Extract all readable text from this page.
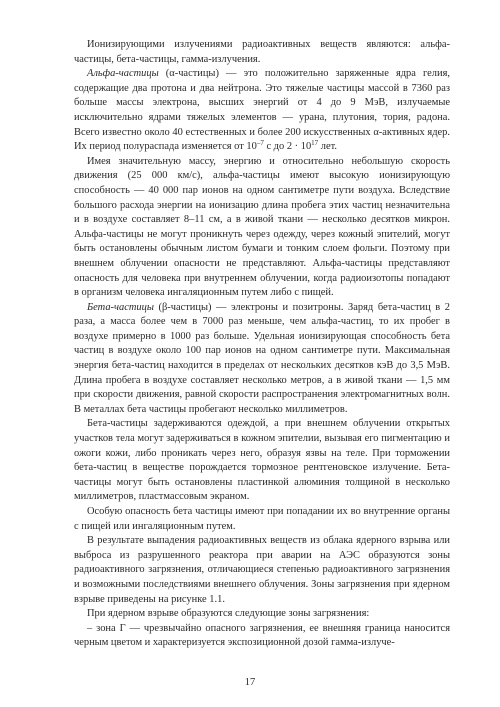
Ионизирующими излучениями радиоактивных веществ являются: альфа-частицы, бета-частицы, гамма-излучения.

Альфа-частицы (α-частицы) — это положительно заряженные ядра гелия, содержащие два протона и два нейтрона. Это тяжелые частицы массой в 7360 раз больше массы электрона, высших энергий от 4 до 9 МэВ, излучаемые исключительно ядрами тяжелых элементов — урана, плутония, тория, радона. Всего известно около 40 естественных и более 200 искусственных α-активных ядер. Их период полураспада изменяется от $10^{-7}$ с до $2 \cdot 10^{17}$ лет.

Имея значительную массу, энергию и относительно небольшую скорость движения (25 000 км/с), альфа-частицы имеют высокую ионизирующую способность — 40 000 пар ионов на одном сантиметре пути воздуха. Вследствие большого расхода энергии на ионизацию длина пробега этих частиц незначительна и в воздухе составляет 8–11 см, а в живой ткани — несколько десятков микрон. Альфа-частицы не могут проникнуть через одежду, через кожный эпителий, могут быть остановлены обычным листом бумаги и тонким слоем фольги. Поэтому при внешнем облучении опасности не представляют. Альфа-частицы представляют опасность для человека при внутреннем облучении, когда радиоизотопы попадают в организм человека ингаляционным путем либо с пищей.

Бета-частицы (β-частицы) — электроны и позитроны. Заряд бета-частиц в 2 раза, а масса более чем в 7000 раз меньше, чем альфа-частиц, то их пробег в воздухе примерно в 1000 раз больше. Удельная ионизирующая способность бета частиц в воздухе около 100 пар ионов на одном сантиметре пути. Максимальная энергия бета-частиц находится в пределах от нескольких десятков кэВ до 3,5 МэВ. Длина пробега в воздухе составляет несколько метров, а в живой ткани — 1,5 мм при скорости движения, равной скорости распространения электромагнитных волн. В металлах бета частицы пробегают несколько миллиметров.

Бета-частицы задерживаются одеждой, а при внешнем облучении открытых участков тела могут задерживаться в кожном эпителии, вызывая его пигментацию и ожоги кожи, либо проникать через него, образуя язвы на теле. При торможении бета-частиц в веществе порождается тормозное рентгеновское излучение. Бета-частицы могут быть остановлены пластинкой алюминия толщиной в несколько миллиметров, пластмассовым экраном.

Особую опасность бета частицы имеют при попадании их во внутренние органы с пищей или ингаляционным путем.

В результате выпадения радиоактивных веществ из облака ядерного взрыва или выброса из разрушенного реактора при аварии на АЭС образуются зоны радиоактивного загрязнения, отличающиеся степенью радиоактивного загрязнения и возможными последствиями внешнего облучения. Зоны загрязнения при ядерном взрыве приведены на рисунке 1.1.

При ядерном взрыве образуются следующие зоны загрязнения:

– зона Г — чрезвычайно опасного загрязнения, ее внешняя граница наносится черным цветом и характеризуется экспозиционной дозой гамма-излуче-

17
